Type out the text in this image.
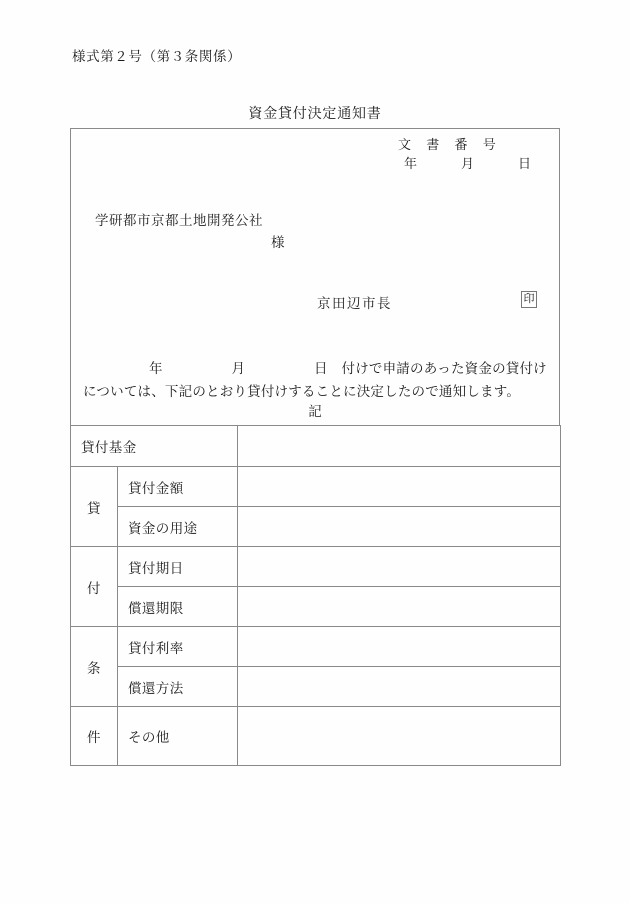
様式第２号（第３条関係）
資金貸付決定通知書
文 書 番 号
年　　月　　日
学研都市京都土地開発公社
様
京田辺市長	印
年　　月　　日付けで申請のあった資金の貸付けについては、下記のとおり貸付けすることに決定したので通知します。
記
貸付基金		
貸	貸付金額	
	資金の用途	
付	貸付期日	
	償還期限	
条	貸付利率	
	償還方法	
件	その他	
